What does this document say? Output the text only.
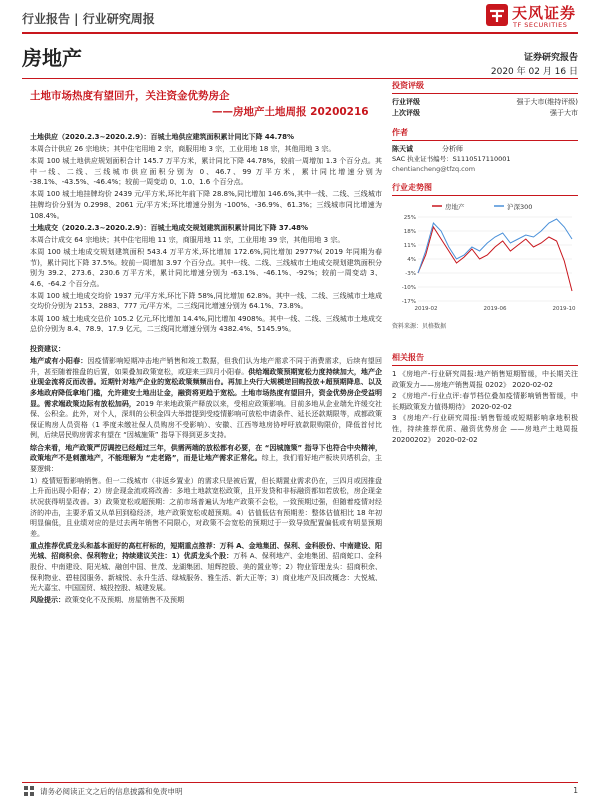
行业报告 | 行业研究周报	天风证券
TF SECURITIES
房地产	证券研究报告
2020 年 02 月 16 日
土地市场热度有望回升，关注资金优势房企
——房地产土地周报 20200216

土地供应（2020.2.3~2020.2.9）：百城土地供应建筑面积累计同比下降 44.78%

本周合计供应 26 宗地块；其中住宅用地 2 宗，商服用地 3 宗，工业用地 18 宗，其他用地 3 宗。

本周 100 城土地供应规划面积合计 145.7 万平方米，累计同比下降 44.78%，较前一周增加 1.3 个百分点。其中一线、二线、三线城市供应面积分别为 0、46.7、99 万平方米，累计同比增速分别为 -38.1%、-43.5%、-46.4%；较前一周变动 0、1.0、1.6 个百分点。

本周 100 城土地挂牌均价 2439 元/平方米,环比年前下降 28.8%,同比增加 146.6%,其中一线、二线、三线城市挂牌均价分别为 0.2998、2061 元/平方米;环比增速分别为 -100%、-36.9%、61.3%；三线城市同比增速为 108.4%。

土地成交（2020.2.3~2020.2.9）：百城土地成交规划建筑面积累计同比下降 37.48%

本周合计成交 64 宗地块；其中住宅用地 11 宗，商服用地 11 宗，工业用地 39 宗，其他用地 3 宗。

本周 100 城土地成交规划建筑面积 543.4 万平方米,环比增加 172.6%,同比增加 2977%( 2019 年同期为春节)，累计同比下降 37.5%。较前一周增加 3.97 个百分点。其中一线、二线、三线城市土地成交规划建筑面积分别为 39.2、273.6、230.6 万平方米，累计同比增速分别为 -63.1%、-46.1%、-92%；较前一周变动 3、4.6、-64.2 个百分点。

本周 100 城土地成交均价 1937 元/平方米,环比下降 58%,同比增加 62.8%。其中一线、二线、三线城市土地成交均价分别为 2153、2883、777 元/平方米，二三线同比增速分别为 64.1%、73.8%。

本周 100 城土地成交总价 105.2 亿元,环比增加 14.4%,同比增加 4908%。其中一线、二线、三线城市土地成交总价分别为 8.4、78.9、17.9 亿元，二三线同比增速分别为 4382.4%、5145.9%。

投资建议：

地产或有小阳春：因疫情影响短期冲击地产销售和竣工数据，但我们认为地产需求不同于消费需求，后续有望回升，甚至随着推盘的后置，如果叠加政策宽松，或迎来三四月小阳春。供给端政策预期宽松力度持续加大，地产企业现金流将反而改善。近期针对地产企业的宽松政策频频出台。再加上央行大规模逆回购投放+超预期降息、以及多地政府降低拿地门槛，允许建安土地出让金，融资将更趋于宽松。土地市场热度有望回升，资金优势房企受益明显。需求端政策边际有放松加码，2019 年来地政策产释放以来，受相应政策影响。目前多地从企业端允许缓交社保、公积金。此外，对个人，深圳的公积金四大举措提到受疫情影响可放松申请条件、延长还款期限等，成都政策保证购房人员资格（1 季度未缴社保人员购房不受影响）、安徽、江西等地房协呼吁放款限购限价，降低首付比例，后续居民购房需求有望在 “因城施策” 指导下得到更多支持。

综合来看，地产政策严厉调控已经超过三年，供需两端的放松都有必要，在 “因城施策” 指导下也符合中央精神，政策地产不是刺激地产，不能理解为 “走老路”，而是让地产需求正常化。综上，我们看好地产板块贝塔机会，主要逻辑：

1）疫情短暂影响销售。但一二线城市（非返乡置业）的需求只是被后置，但长期置业需求仍在，三四月或因推盘上升而出现小阳春；2）房企现金流或将改善：多地土地款宽松政策，且开发贷和非标融资都如若放松，房企现金状况获得明显改善。3）政策宽松或超预期：之前市场普遍认为地产政策不会松，一致预期过强，但随着疫情对经济的冲击，主要矛盾又从单回到稳经济，地产政策宽松或超预期。4）估值低估有预期差：整体估值相比 18 年初明显偏低，且业绩对应的是过去两年销售不同限心，对政策不会宽松的预期过于一致导致配置偏低或有明显预期差。

重点推荐优质龙头和基本面好的高杠杆标的，短期重点推荐：万科 A、金地集团、保利、金科股份、中南建设、阳光城、招商积余、保利物业；持续建议关注：1）优质龙头个股：万科 A、保利地产、金地集团、招商蛇口、金科股份、中南建设、阳光城、融创中国、世茂、龙湖集团、旭辉控股、美的置业等；2）物业管理龙头：招商积余、保利物业、碧桂园服务、新城悦、永升生活、绿城服务、雅生活、新大正等；3）商业地产及旧改概念：大悦城、光大嘉宝、中国国贸、城投控股、城建发展。

风险提示：政策变化不及预期、房屋销售不及预期

投资评级
行业评级	强于大市(维持评级)
上次评级	强于大市
作者
陈天诚	分析师
SAC 执业证书编号：S1110517110001
chentiancheng@tfzq.com
行业走势图
房地产	沪深300
25%
18%
11%
4%
-3%
-10%
-17%
2019-02	2019-06	2019-10
资料来源：贝格数据
相关报告
1 《房地产-行业研究周报:地产销售短期暂缓，中长期关注政策发力——房地产销售周报 0202》 2020-02-02
2 《房地产-行业点评:春节档位叠加疫情影响销售暂缓，中长期政策发力值得期待》 2020-02-02
3 《房地产-行业研究周报:销售暂缓或短期影响拿地积极性，持续推荐优质、融资优势房企 ——房地产土地周报 20200202》 2020-02-02
请务必阅读正文之后的信息披露和免责申明	1
